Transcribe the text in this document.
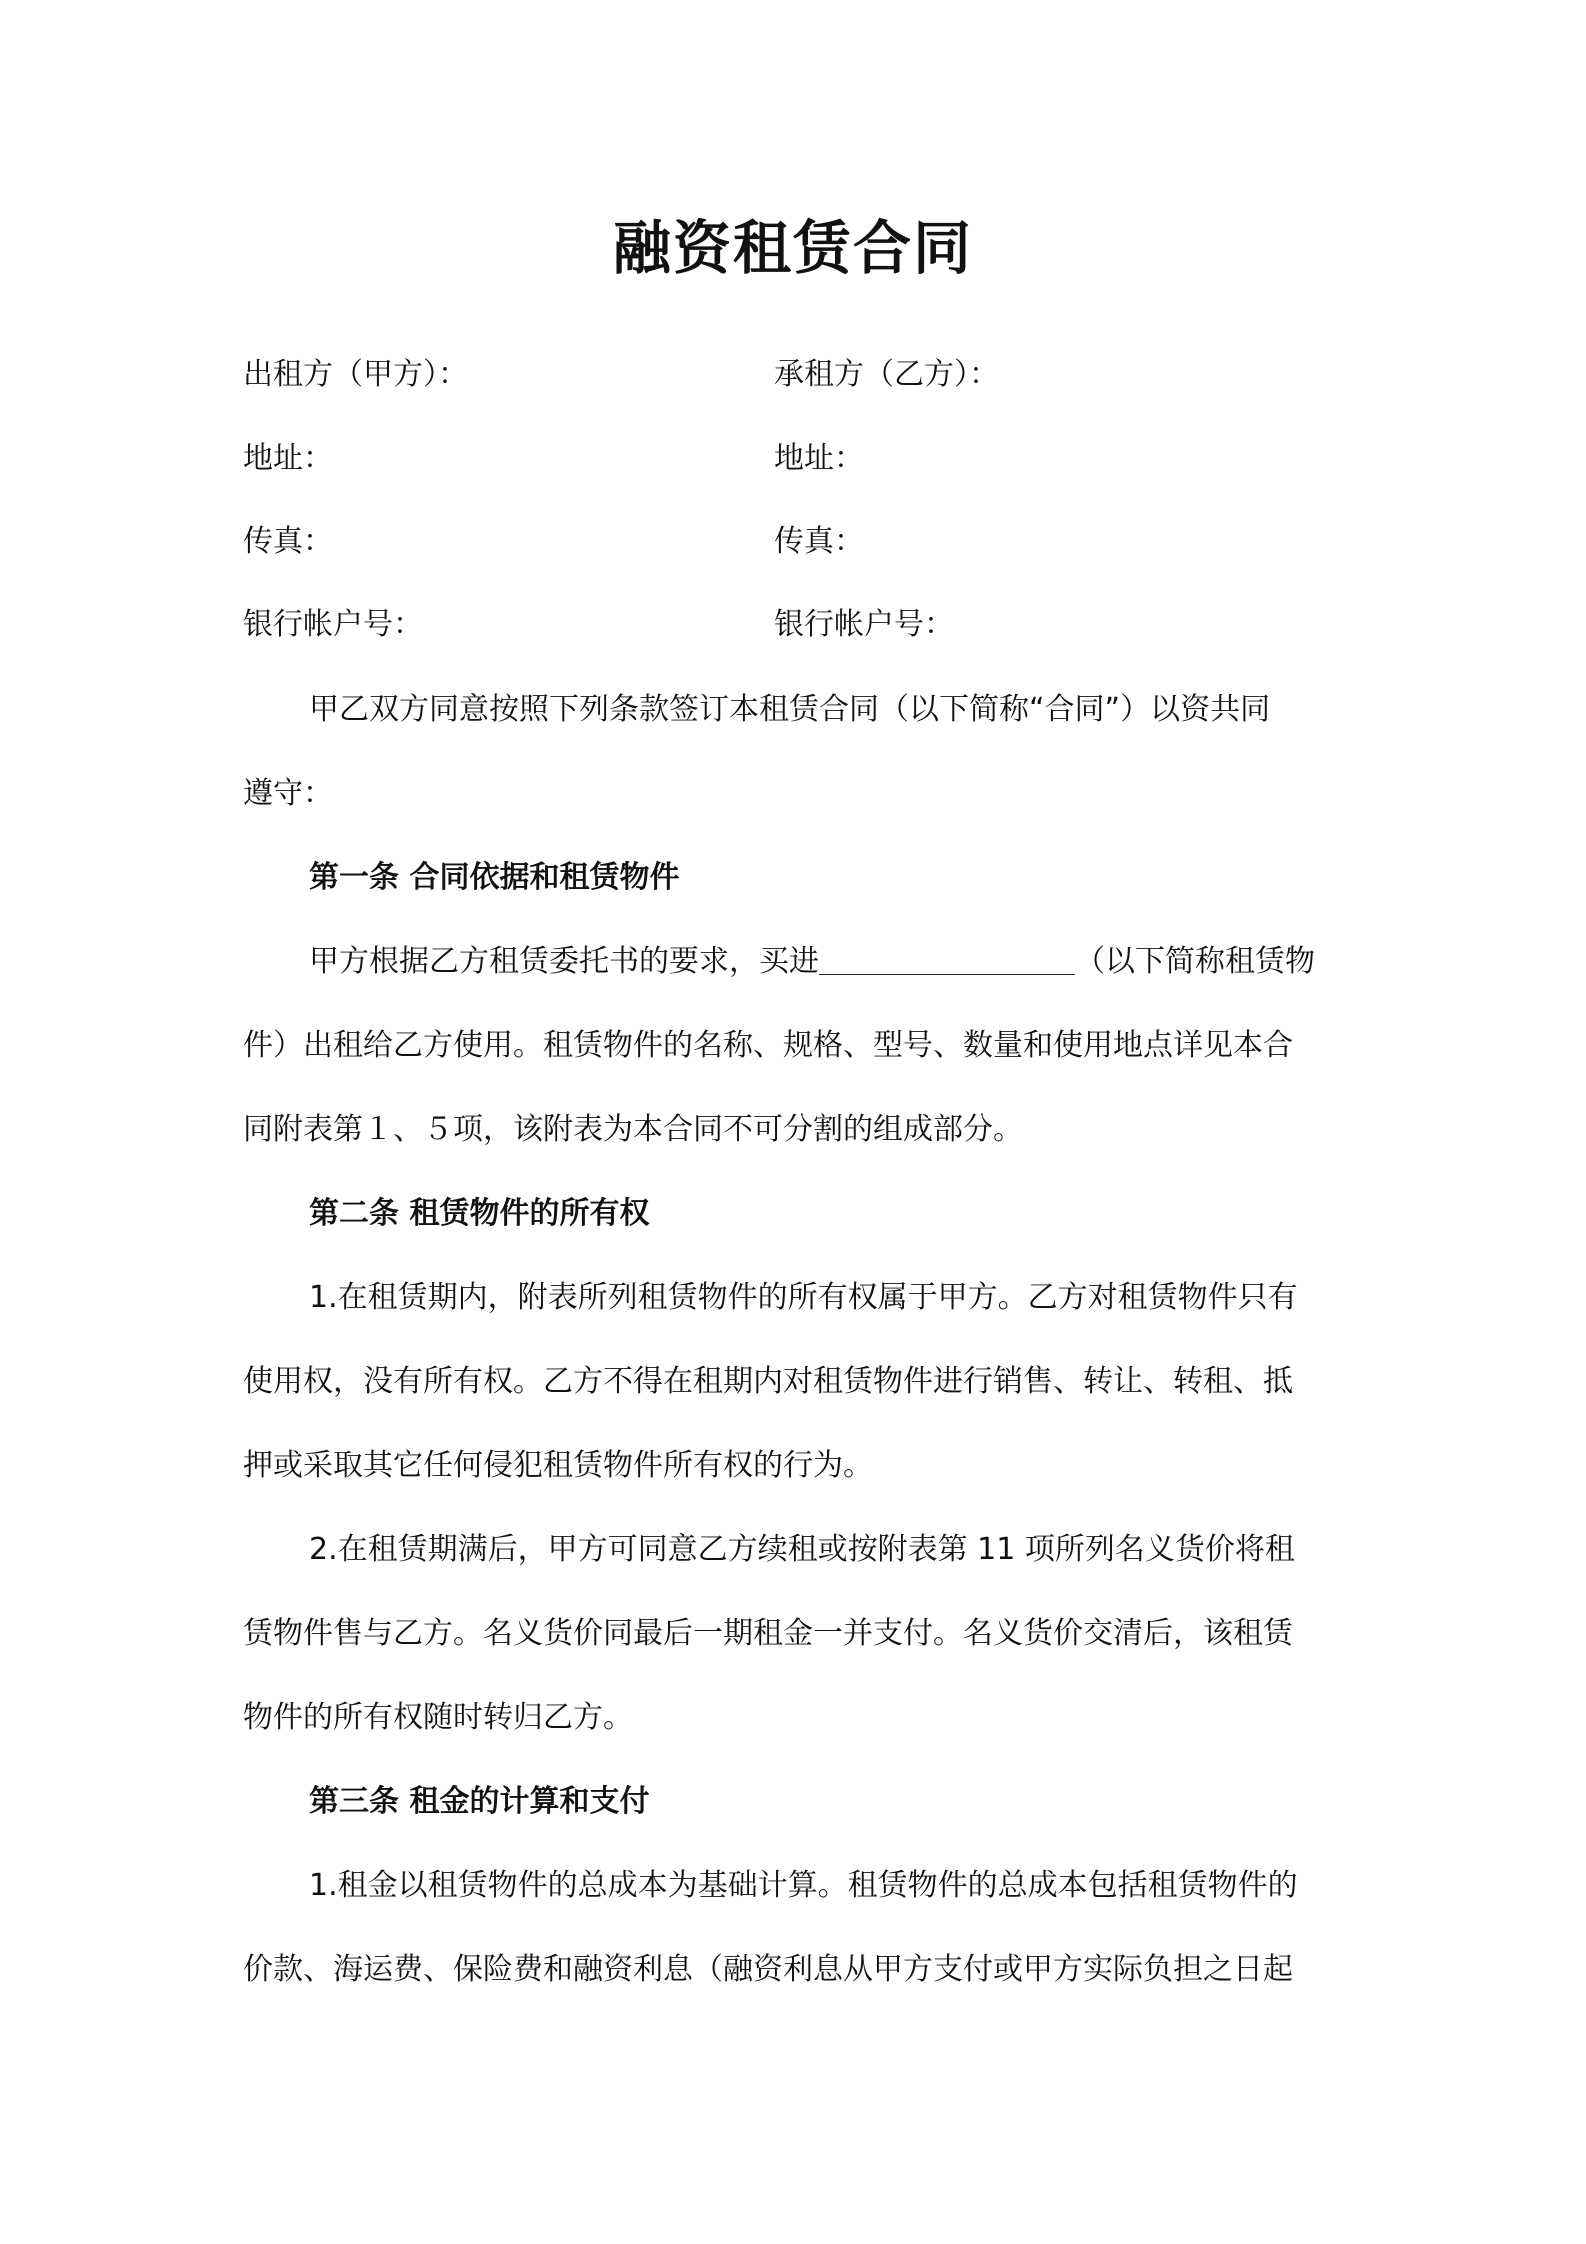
融资租赁合同
出租方（甲方）：	承租方（乙方）：
地址：	地址：
传真：	传真：
银行帐户号：	银行帐户号：
甲乙双方同意按照下列条款签订本租赁合同（以下简称“合同”）以资共同
遵守：
第一条 合同依据和租赁物件
甲方根据乙方租赁委托书的要求，买进	（以下简称租赁物
件）出租给乙方使用。租赁物件的名称、规格、型号、数量和使用地点详见本合
同附表第１、５项，该附表为本合同不可分割的组成部分。
第二条 租赁物件的所有权
1.在租赁期内，附表所列租赁物件的所有权属于甲方。乙方对租赁物件只有
使用权，没有所有权。乙方不得在租期内对租赁物件进行销售、转让、转租、抵
押或采取其它任何侵犯租赁物件所有权的行为。
2.在租赁期满后，甲方可同意乙方续租或按附表第 11 项所列名义货价将租
赁物件售与乙方。名义货价同最后一期租金一并支付。名义货价交清后，该租赁
物件的所有权随时转归乙方。
第三条 租金的计算和支付
1.租金以租赁物件的总成本为基础计算。租赁物件的总成本包括租赁物件的
价款、海运费、保险费和融资利息（融资利息从甲方支付或甲方实际负担之日起
